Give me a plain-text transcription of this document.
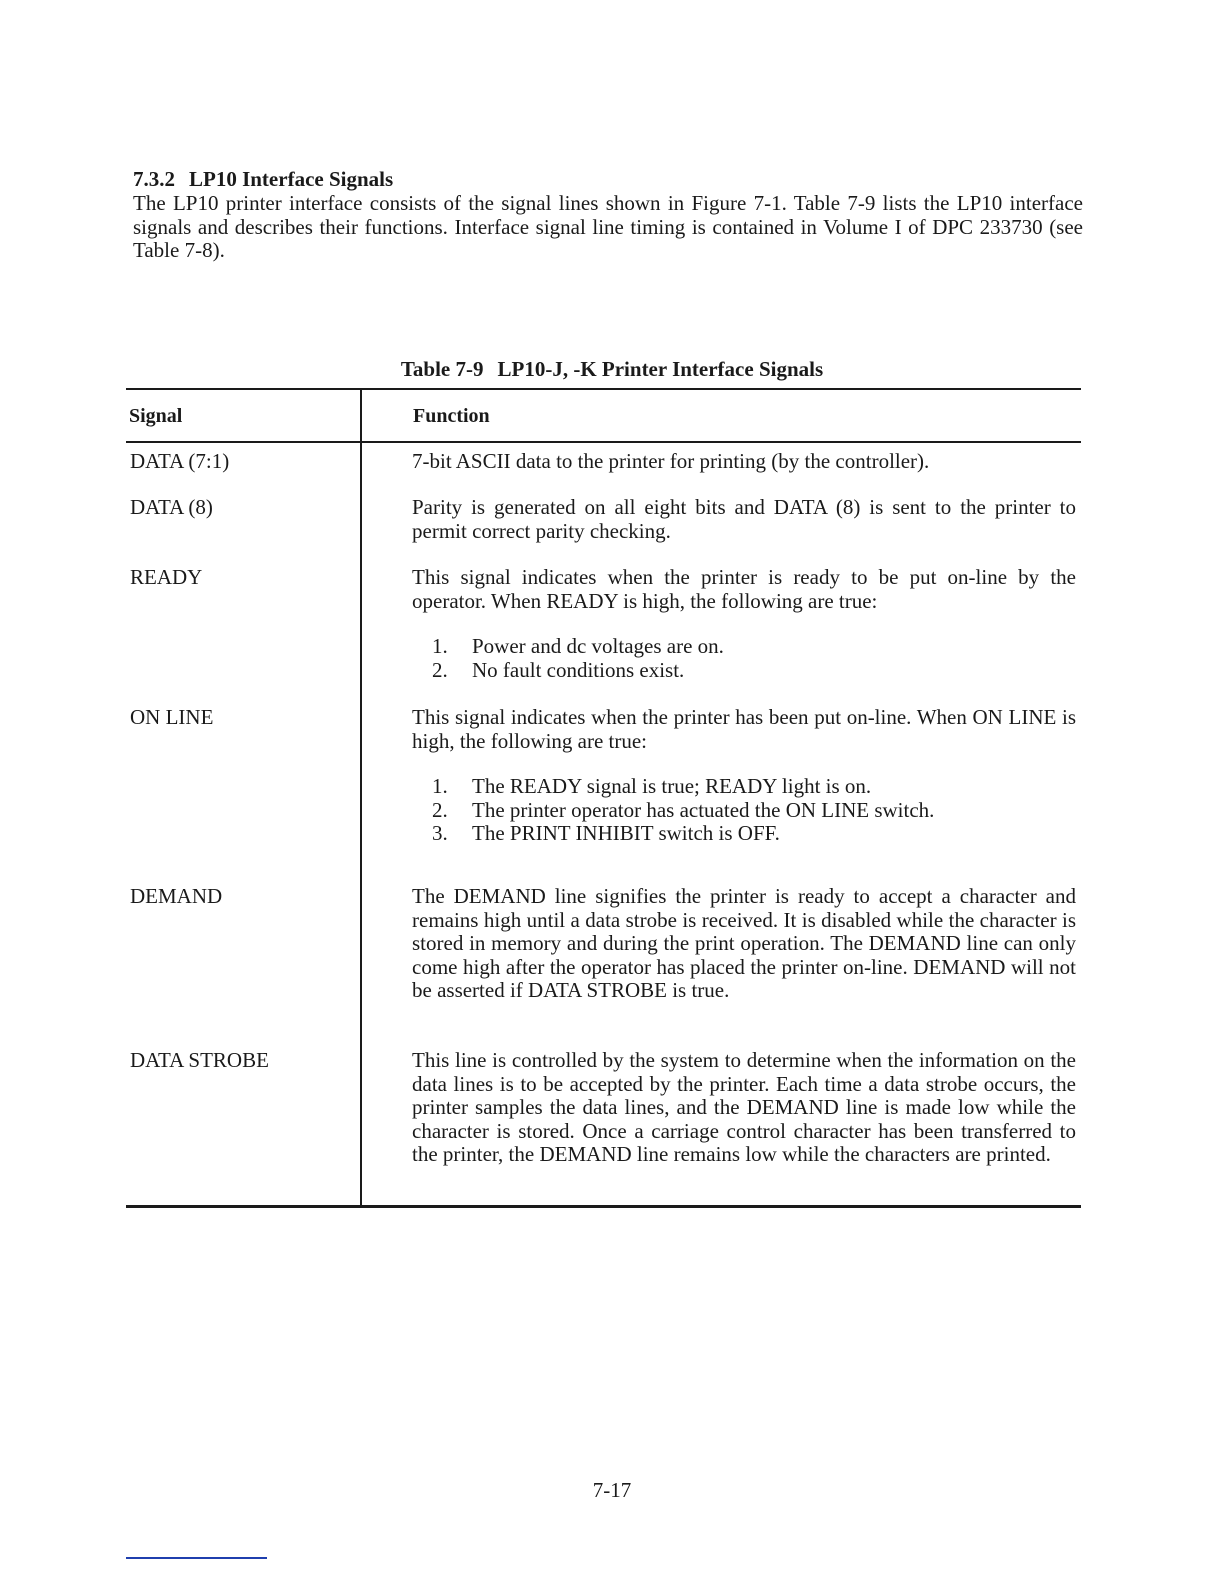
7.3.2 LP10 Interface Signals

The LP10 printer interface consists of the signal lines shown in Figure 7-1. Table 7-9 lists the LP10 interface signals and describes their functions. Interface signal line timing is contained in Volume I of DPC 233730 (see Table 7-8).

Table 7-9 LP10-J, -K Printer Interface Signals
Signal	Function
DATA (7:1)	7-bit ASCII data to the printer for printing (by the controller).

DATA (8)	Parity is generated on all eight bits and DATA (8) is sent to the printer to permit correct parity checking.

READY	This signal indicates when the printer is ready to be put on-line by the operator. When READY is high, the following are true:

1. Power and dc voltages are on.
2. No fault conditions exist.
ON LINE	This signal indicates when the printer has been put on-line. When ON LINE is high, the following are true:

1. The READY signal is true; READY light is on.
2. The printer operator has actuated the ON LINE switch.
3. The PRINT INHIBIT switch is OFF.
DEMAND	The DEMAND line signifies the printer is ready to accept a character and remains high until a data strobe is received. It is disabled while the character is stored in memory and during the print operation. The DEMAND line can only come high after the operator has placed the printer on-line. DEMAND will not be asserted if DATA STROBE is true.

DATA STROBE	This line is controlled by the system to determine when the information on the data lines is to be accepted by the printer. Each time a data strobe occurs, the printer samples the data lines, and the DEMAND line is made low while the character is stored. Once a carriage control character has been transferred to the printer, the DEMAND line remains low while the characters are printed.

7-17
